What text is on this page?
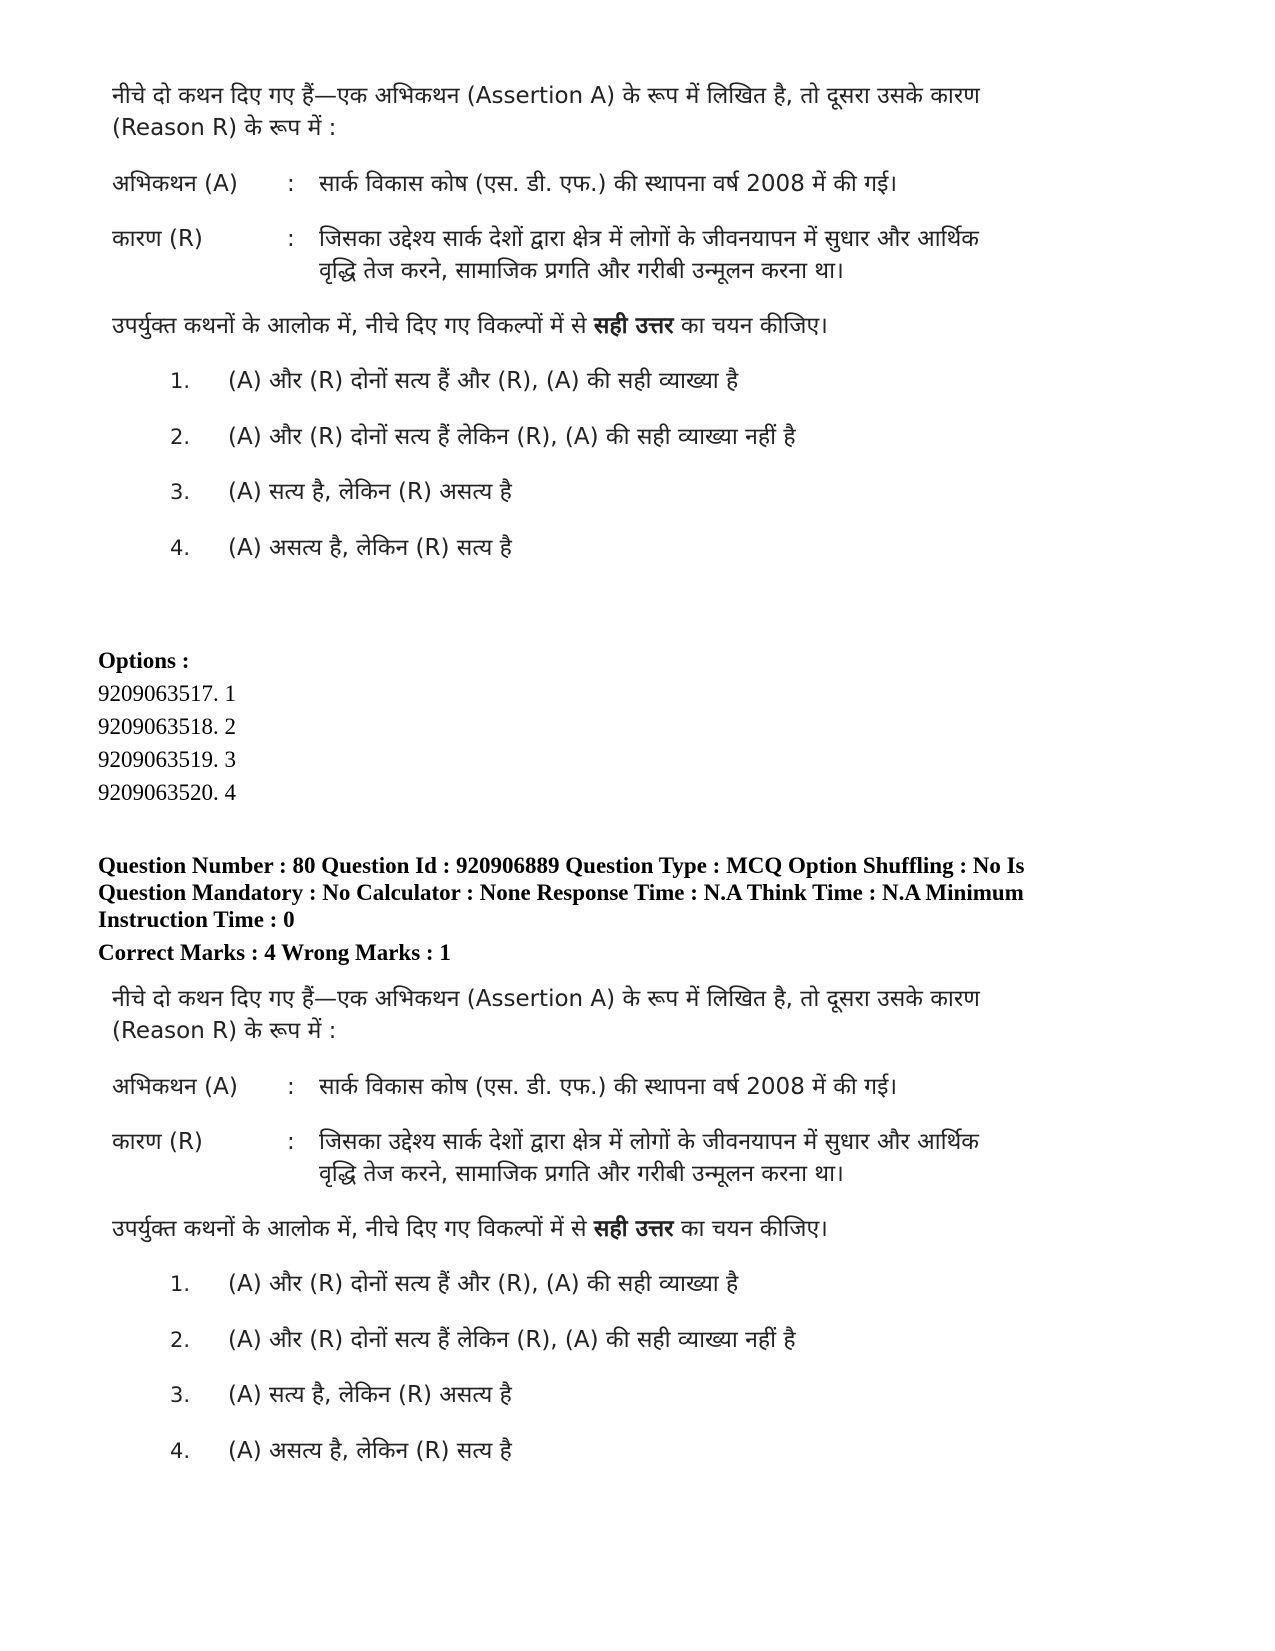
नीचे दो कथन दिए गए हैं—एक अभिकथन (Assertion A) के रूप में लिखित है, तो दूसरा उसके कारण (Reason R) के रूप में :
अभिकथन (A)	:	सार्क विकास कोष (एस. डी. एफ.) की स्थापना वर्ष 2008 में की गई।
कारण (R)	:	जिसका उद्देश्य सार्क देशों द्वारा क्षेत्र में लोगों के जीवनयापन में सुधार और आर्थिक वृद्धि तेज करने, सामाजिक प्रगति और गरीबी उन्मूलन करना था।
उपर्युक्त कथनों के आलोक में, नीचे दिए गए विकल्पों में से सही उत्तर का चयन कीजिए।
1.	(A) और (R) दोनों सत्य हैं और (R), (A) की सही व्याख्या है
2.	(A) और (R) दोनों सत्य हैं लेकिन (R), (A) की सही व्याख्या नहीं है
3.	(A) सत्य है, लेकिन (R) असत्य है
4.	(A) असत्य है, लेकिन (R) सत्य है
Options :
9209063517. 1
9209063518. 2
9209063519. 3
9209063520. 4
Question Number : 80 Question Id : 920906889 Question Type : MCQ Option Shuffling : No Is
Question Mandatory : No Calculator : None Response Time : N.A Think Time : N.A Minimum
Instruction Time : 0
Correct Marks : 4 Wrong Marks : 1
नीचे दो कथन दिए गए हैं—एक अभिकथन (Assertion A) के रूप में लिखित है, तो दूसरा उसके कारण (Reason R) के रूप में :
अभिकथन (A)	:	सार्क विकास कोष (एस. डी. एफ.) की स्थापना वर्ष 2008 में की गई।
कारण (R)	:	जिसका उद्देश्य सार्क देशों द्वारा क्षेत्र में लोगों के जीवनयापन में सुधार और आर्थिक वृद्धि तेज करने, सामाजिक प्रगति और गरीबी उन्मूलन करना था।
उपर्युक्त कथनों के आलोक में, नीचे दिए गए विकल्पों में से सही उत्तर का चयन कीजिए।
1.	(A) और (R) दोनों सत्य हैं और (R), (A) की सही व्याख्या है
2.	(A) और (R) दोनों सत्य हैं लेकिन (R), (A) की सही व्याख्या नहीं है
3.	(A) सत्य है, लेकिन (R) असत्य है
4.	(A) असत्य है, लेकिन (R) सत्य है
